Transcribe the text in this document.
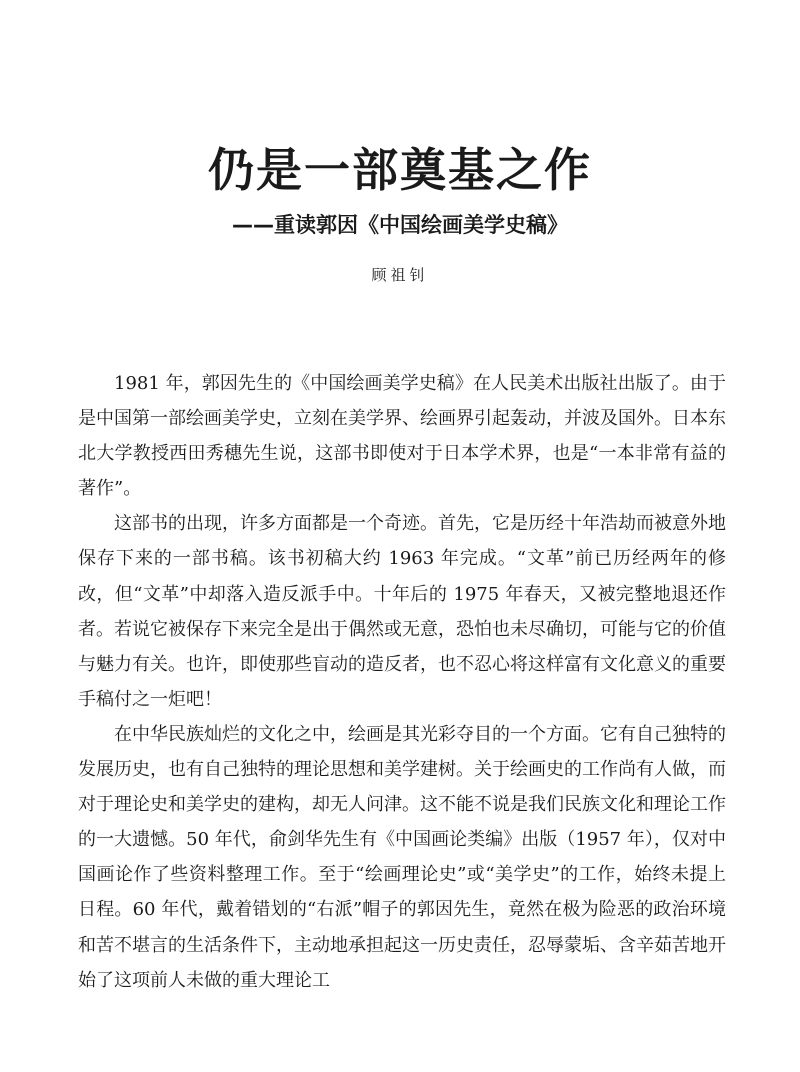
仍是一部奠基之作
——重读郭因《中国绘画美学史稿》
顾祖钊

1981 年，郭因先生的《中国绘画美学史稿》在人民美术出版社出版了。由于是中国第一部绘画美学史，立刻在美学界、绘画界引起轰动，并波及国外。日本东北大学教授西田秀穗先生说，这部书即使对于日本学术界，也是“一本非常有益的著作”。

这部书的出现，许多方面都是一个奇迹。首先，它是历经十年浩劫而被意外地保存下来的一部书稿。该书初稿大约 1963 年完成。“文革”前已历经两年的修改，但“文革”中却落入造反派手中。十年后的 1975 年春天，又被完整地退还作者。若说它被保存下来完全是出于偶然或无意，恐怕也未尽确切，可能与它的价值与魅力有关。也许，即使那些盲动的造反者，也不忍心将这样富有文化意义的重要手稿付之一炬吧！

在中华民族灿烂的文化之中，绘画是其光彩夺目的一个方面。它有自己独特的发展历史，也有自己独特的理论思想和美学建树。关于绘画史的工作尚有人做，而对于理论史和美学史的建构，却无人问津。这不能不说是我们民族文化和理论工作的一大遗憾。50 年代，俞剑华先生有《中国画论类编》出版（1957 年），仅对中国画论作了些资料整理工作。至于“绘画理论史”或“美学史”的工作，始终未提上日程。60 年代，戴着错划的“右派”帽子的郭因先生，竟然在极为险恶的政治环境和苦不堪言的生活条件下，主动地承担起这一历史责任，忍辱蒙垢、含辛茹苦地开始了这项前人未做的重大理论工
